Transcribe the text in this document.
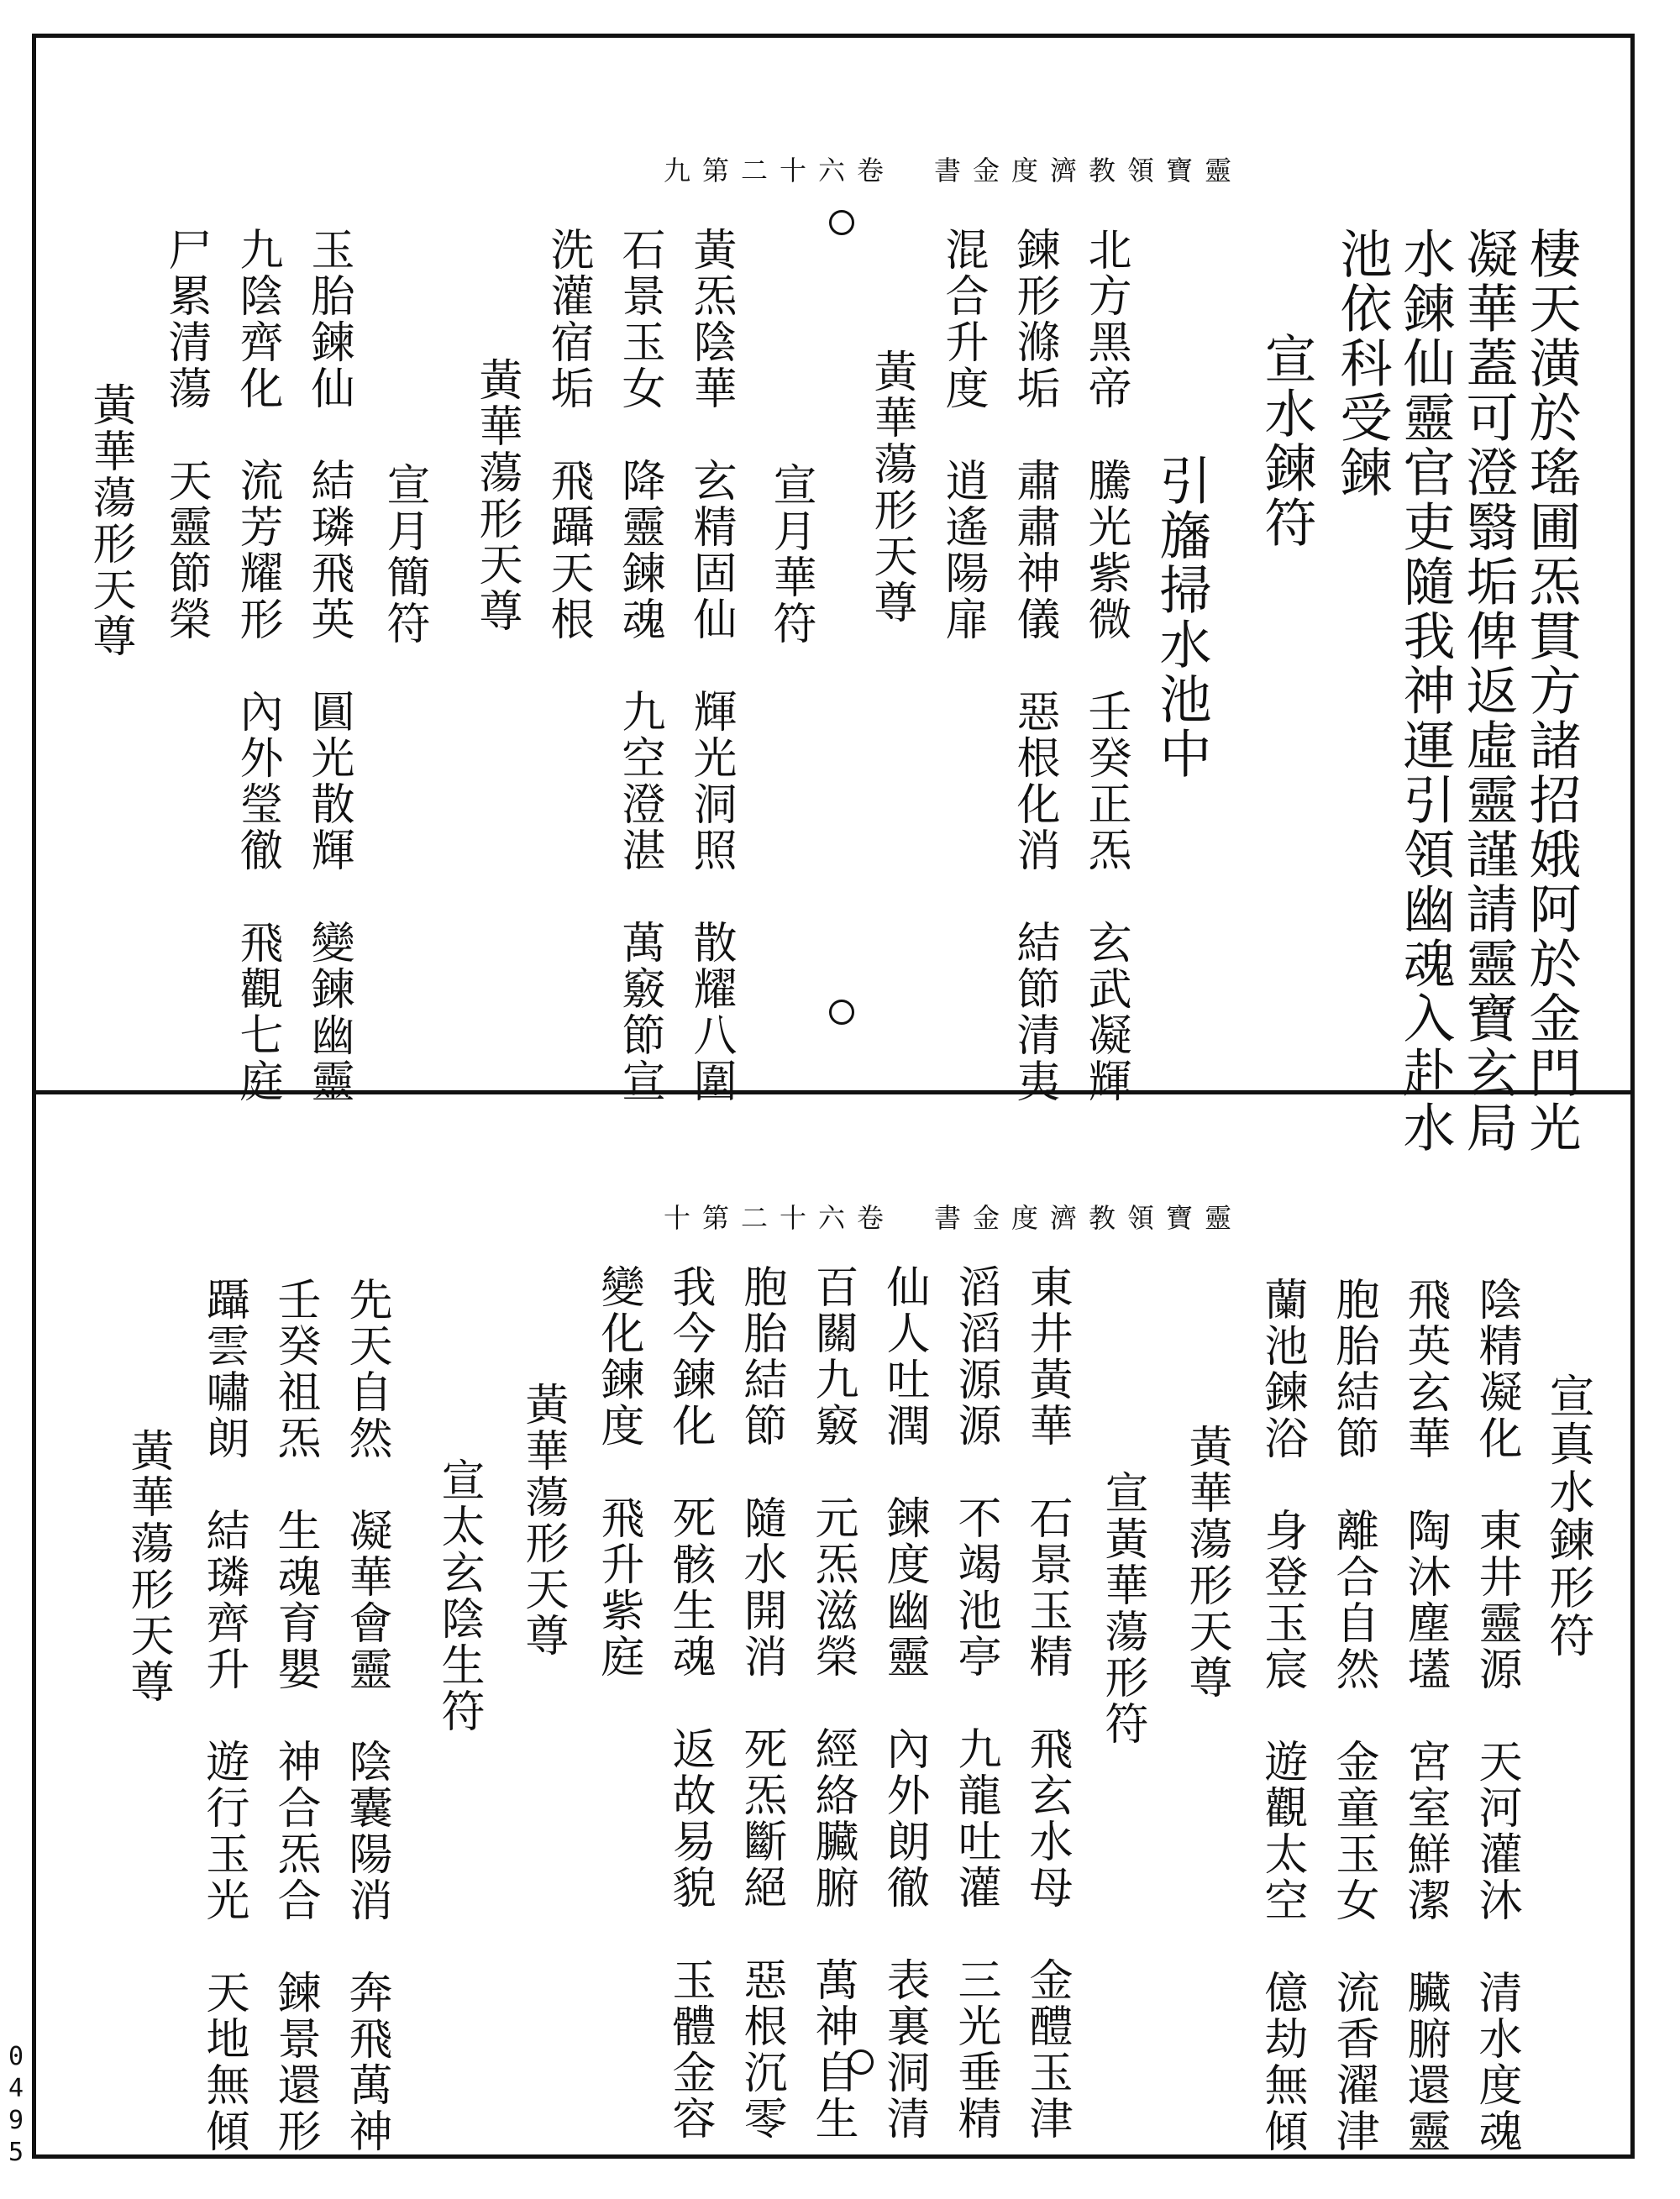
靈寶領教濟度金書　卷六十二第九
棲天潢於瑤圃炁貫方諸招娥阿於金門光
凝華蓋可澄翳垢俾返虛靈謹請靈寶玄局
水鍊仙靈官吏隨我神運引領幽魂入赴水
池依科受鍊
　宣水鍊符
　　引旛掃水池中
北方黑帝　騰光紫微　壬癸正炁　玄武凝輝
鍊形滌垢　肅肅神儀　惡根化消　結節清夷
混合升度　逍遙陽扉
　黃華蕩形天尊
　　宣月華符
黃炁陰華　玄精固仙　輝光洞照　散耀八圍
石景玉女　降靈鍊魂　九空澄湛　萬竅節宣
洗灌宿垢　飛躡天根
　黃華蕩形天尊
　　宣月簡符
玉胎鍊仙　結璘飛英　圓光散輝　變鍊幽靈
九陰齊化　流芳耀形　內外瑩徹　飛觀七庭
尸累清蕩　天靈節榮
　黃華蕩形天尊
靈寶領教濟度金書　卷六十二第十
　　宣真水鍊形符
陰精凝化　東井靈源　天河灌沐　清水度魂
飛英玄華　陶沐塵壒　宮室鮮潔　臟腑還靈
胞胎結節　離合自然　金童玉女　流香濯津
蘭池鍊浴　身登玉宸　遊觀太空　億劫無傾
　黃華蕩形天尊
　　宣黃華蕩形符
東井黃華　石景玉精　飛玄水母　金醴玉津
滔滔源源　不竭池亭　九龍吐灌　三光垂精
仙人吐潤　鍊度幽靈　內外朗徹　表裏洞清
百關九竅　元炁滋榮　經絡臟腑　萬神自生
胞胎結節　隨水開消　死炁斷絕　惡根沉零
我今鍊化　死骸生魂　返故易貌　玉體金容
變化鍊度　飛升紫庭
　黃華蕩形天尊
　　宣太玄陰生符
先天自然　凝華會靈　陰囊陽消　奔飛萬神
壬癸祖炁　生魂育嬰　神合炁合　鍊景還形
躡雲嘯朗　結璘齊升　遊行玉光　天地無傾
　黃華蕩形天尊
0495
